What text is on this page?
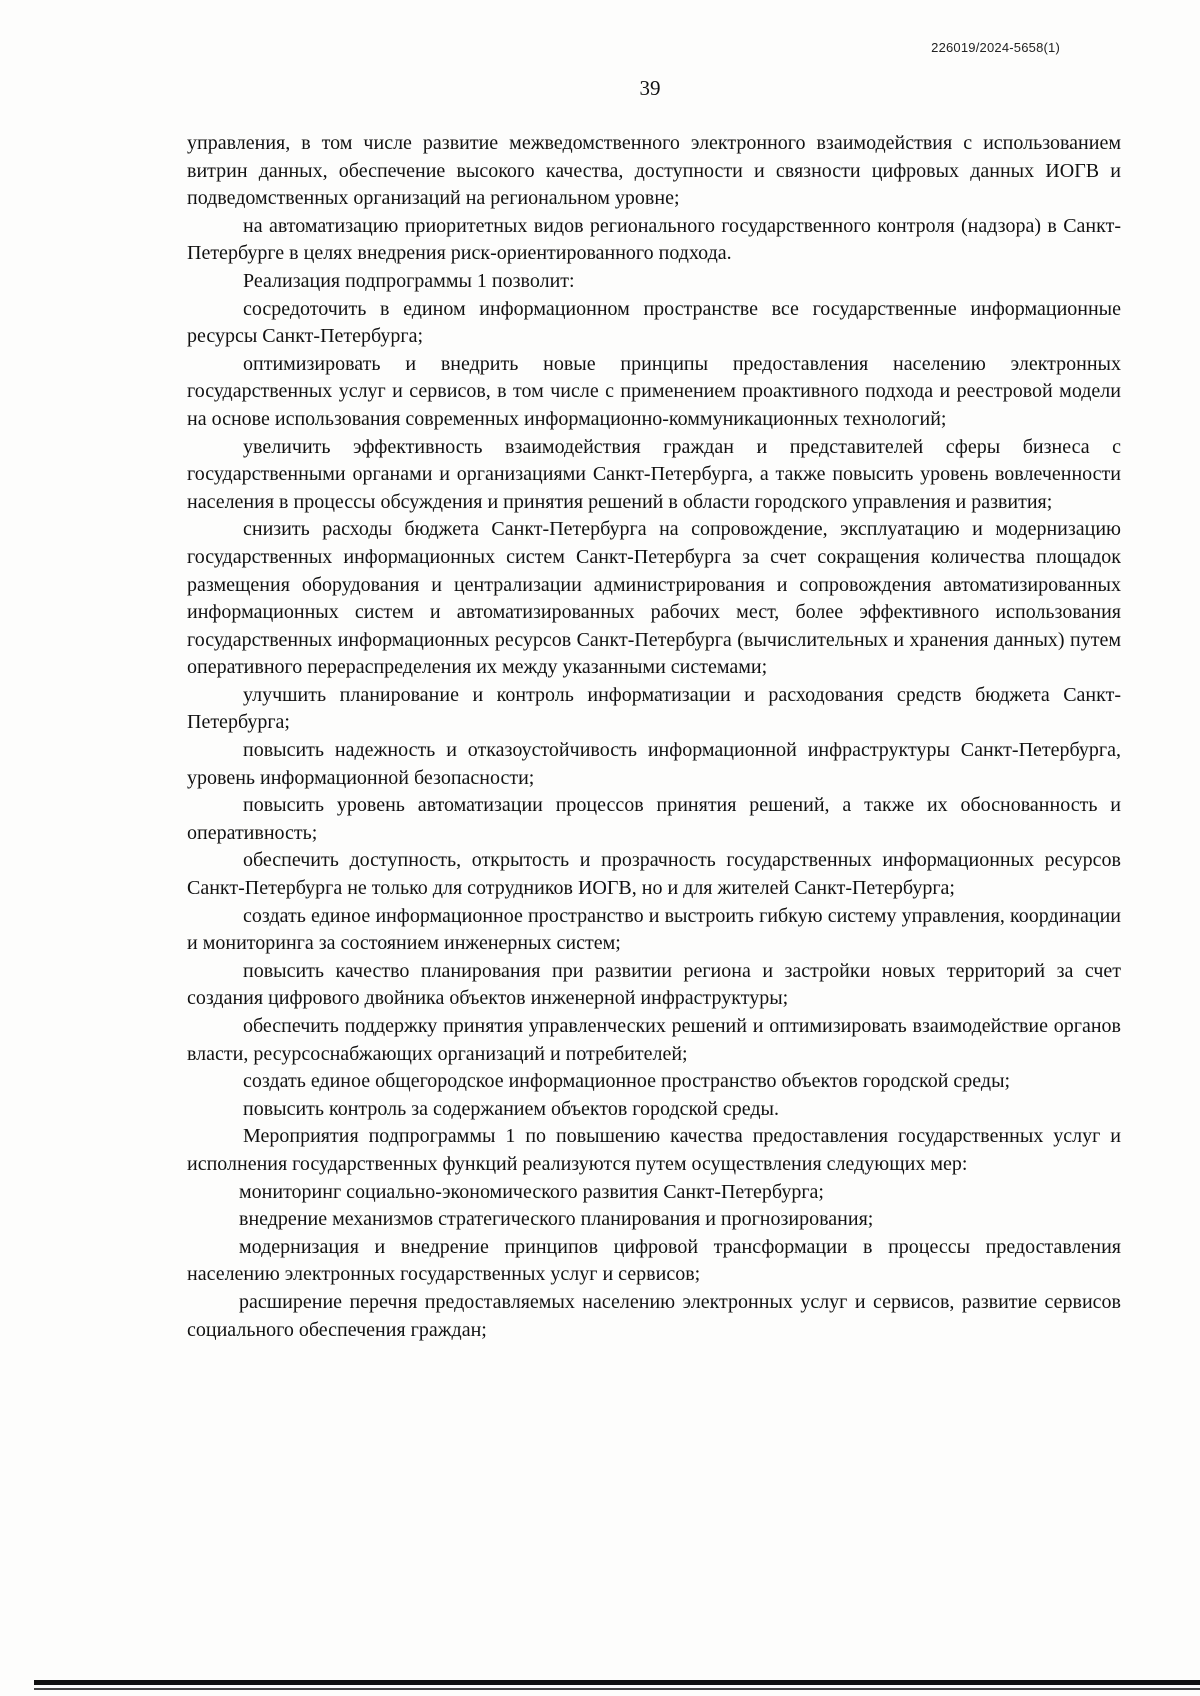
226019/2024-5658(1)
39

управления, в том числе развитие межведомственного электронного взаимодействия с использованием витрин данных, обеспечение высокого качества, доступности и связности цифровых данных ИОГВ и подведомственных организаций на региональном уровне;

на автоматизацию приоритетных видов регионального государственного контроля (надзора) в Санкт-Петербурге в целях внедрения риск-ориентированного подхода.

Реализация подпрограммы 1 позволит:

сосредоточить в едином информационном пространстве все государственные информационные ресурсы Санкт-Петербурга;

оптимизировать и внедрить новые принципы предоставления населению электронных государственных услуг и сервисов, в том числе с применением проактивного подхода и реестровой модели на основе использования современных информационно-коммуникационных технологий;

увеличить эффективность взаимодействия граждан и представителей сферы бизнеса с государственными органами и организациями Санкт-Петербурга, а также повысить уровень вовлеченности населения в процессы обсуждения и принятия решений в области городского управления и развития;

снизить расходы бюджета Санкт-Петербурга на сопровождение, эксплуатацию и модернизацию государственных информационных систем Санкт-Петербурга за счет сокращения количества площадок размещения оборудования и централизации администрирования и сопровождения автоматизированных информационных систем и автоматизированных рабочих мест, более эффективного использования государственных информационных ресурсов Санкт-Петербурга (вычислительных и хранения данных) путем оперативного перераспределения их между указанными системами;

улучшить планирование и контроль информатизации и расходования средств бюджета Санкт-Петербурга;

повысить надежность и отказоустойчивость информационной инфраструктуры Санкт-Петербурга, уровень информационной безопасности;

повысить уровень автоматизации процессов принятия решений, а также их обоснованность и оперативность;

обеспечить доступность, открытость и прозрачность государственных информационных ресурсов Санкт-Петербурга не только для сотрудников ИОГВ, но и для жителей Санкт-Петербурга;

создать единое информационное пространство и выстроить гибкую систему управления, координации и мониторинга за состоянием инженерных систем;

повысить качество планирования при развитии региона и застройки новых территорий за счет создания цифрового двойника объектов инженерной инфраструктуры;

обеспечить поддержку принятия управленческих решений и оптимизировать взаимодействие органов власти, ресурсоснабжающих организаций и потребителей;

создать единое общегородское информационное пространство объектов городской среды;

повысить контроль за содержанием объектов городской среды.

Мероприятия подпрограммы 1 по повышению качества предоставления государственных услуг и исполнения государственных функций реализуются путем осуществления следующих мер:

мониторинг социально-экономического развития Санкт-Петербурга;

внедрение механизмов стратегического планирования и прогнозирования;

модернизация и внедрение принципов цифровой трансформации в процессы предоставления населению электронных государственных услуг и сервисов;

расширение перечня предоставляемых населению электронных услуг и сервисов, развитие сервисов социального обеспечения граждан;
